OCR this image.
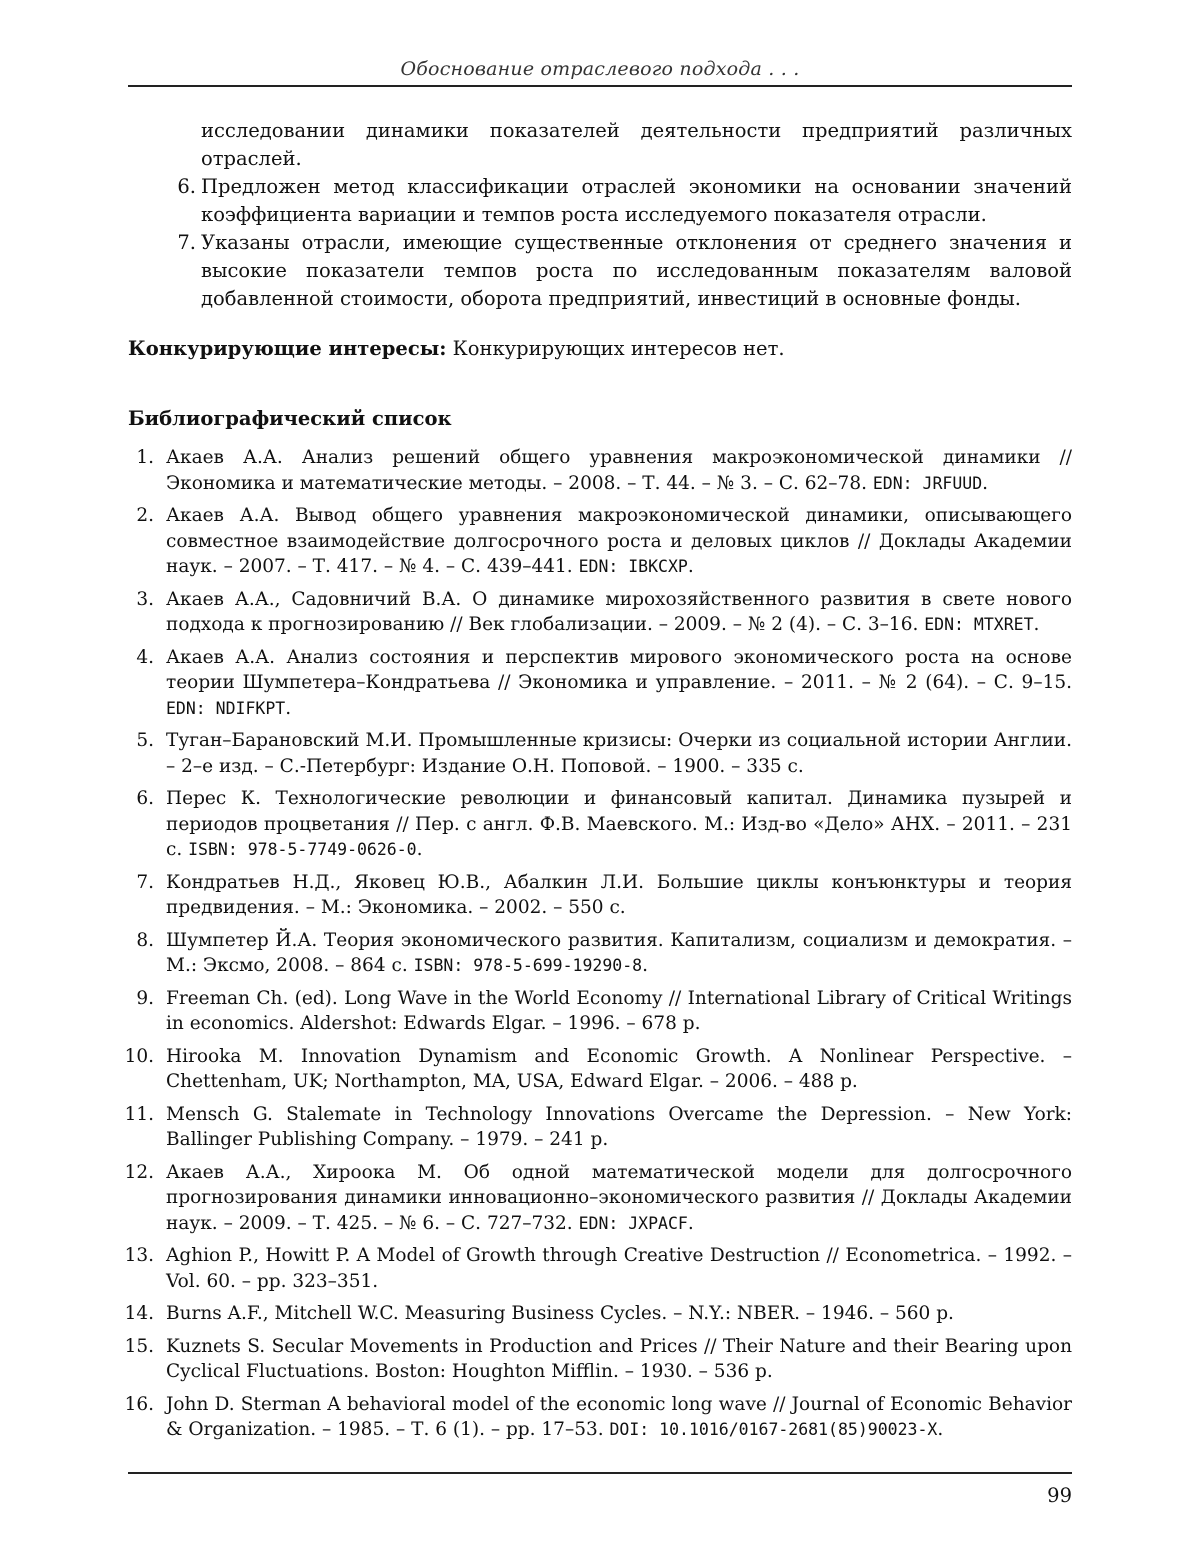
Обоснование отраслевого подхода . . .
исследовании динамики показателей деятельности предприятий различных отраслей.
6. Предложен метод классификации отраслей экономики на основании значений коэффициента вариации и темпов роста исследуемого показателя отрасли.
7. Указаны отрасли, имеющие существенные отклонения от среднего значения и высокие показатели темпов роста по исследованным показателям валовой добавленной стоимости, оборота предприятий, инвестиций в основные фонды.
Конкурирующие интересы: Конкурирующих интересов нет.
Библиографический список
1. Акаев А.А. Анализ решений общего уравнения макроэкономической динамики // Экономика и математические методы. – 2008. – Т. 44. – № 3. – С. 62–78. EDN: JRFUUD.
2. Акаев А.А. Вывод общего уравнения макроэкономической динамики, описывающего совместное взаимодействие долгосрочного роста и деловых циклов // Доклады Академии наук. – 2007. – Т. 417. – № 4. – С. 439–441. EDN: IBKCXP.
3. Акаев А.А., Садовничий В.А. О динамике мирохозяйственного развития в свете нового подхода к прогнозированию // Век глобализации. – 2009. – № 2 (4). – С. 3–16. EDN: MTXRET.
4. Акаев А.А. Анализ состояния и перспектив мирового экономического роста на основе теории Шумпетера–Кондратьева // Экономика и управление. – 2011. – № 2 (64). – С. 9–15. EDN: NDIFKPT.
5. Туган–Барановский М.И. Промышленные кризисы: Очерки из социальной истории Англии. – 2–е изд. – С.-Петербург: Издание О.Н. Поповой. – 1900. – 335 с.
6. Перес К. Технологические революции и финансовый капитал. Динамика пузырей и периодов процветания // Пер. с англ. Ф.В. Маевского. М.: Изд-во «Дело» АНХ. – 2011. – 231 с. ISBN: 978-5-7749-0626-0.
7. Кондратьев Н.Д., Яковец Ю.В., Абалкин Л.И. Большие циклы конъюнктуры и теория предвидения. – М.: Экономика. – 2002. – 550 с.
8. Шумпетер Й.А. Теория экономического развития. Капитализм, социализм и демократия. – М.: Эксмо, 2008. – 864 с. ISBN: 978-5-699-19290-8.
9. Freeman Ch. (ed). Long Wave in the World Economy // International Library of Critical Writings in economics. Aldershot: Edwards Elgar. – 1996. – 678 p.
10. Hirooka M. Innovation Dynamism and Economic Growth. A Nonlinear Perspective. – Chettenham, UK; Northampton, MA, USA, Edward Elgar. – 2006. – 488 p.
11. Mensch G. Stalemate in Technology Innovations Overcame the Depression. – New York: Ballinger Publishing Company. – 1979. – 241 p.
12. Акаев А.А., Хироока М. Об одной математической модели для долгосрочного прогнозирования динамики инновационно–экономического развития // Доклады Академии наук. – 2009. – Т. 425. – № 6. – С. 727–732. EDN: JXPACF.
13. Aghion P., Howitt P. A Model of Growth through Creative Destruction // Econometrica. – 1992. – Vol. 60. – pp. 323–351.
14. Burns A.F., Mitchell W.C. Measuring Business Cycles. – N.Y.: NBER. – 1946. – 560 p.
15. Kuznets S. Secular Movements in Production and Prices // Their Nature and their Bearing upon Cyclical Fluctuations. Boston: Houghton Mifflin. – 1930. – 536 p.
16. John D. Sterman A behavioral model of the economic long wave // Journal of Economic Behavior & Organization. – 1985. – Т. 6 (1). – pp. 17–53. DOI: 10.1016/0167-2681(85)90023-X.
99
